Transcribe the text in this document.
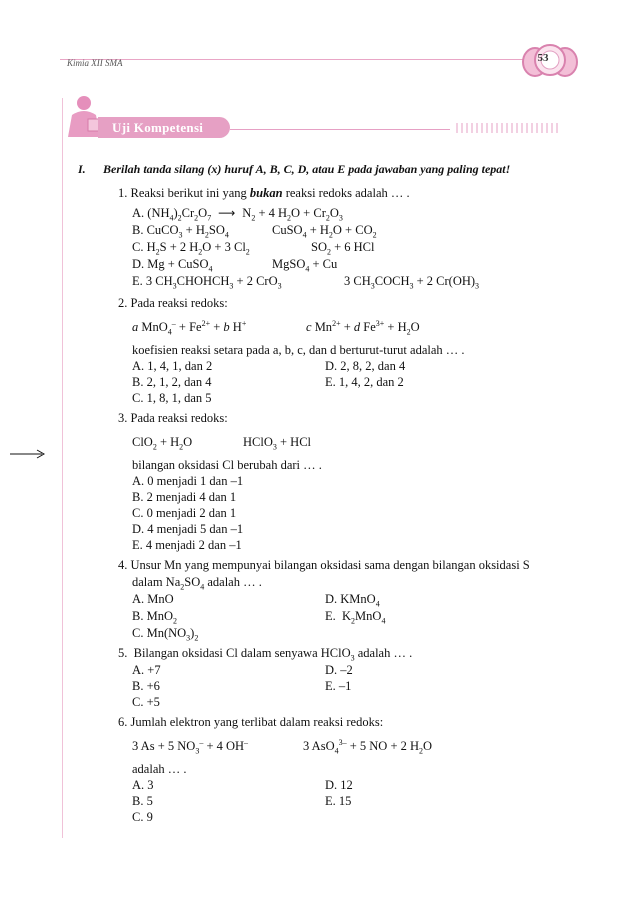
Kimia XII SMA	53
Uji Kompetensi
I. Berilah tanda silang (x) huruf A, B, C, D, atau E pada jawaban yang paling tepat!
1. Reaksi berikut ini yang bukan reaksi redoks adalah … .
A. $(NH_4)_2Cr_2O_7$  ⟶  $N_2 + 4$ $H_2O + Cr_2O_3$
B. CuCO$_3$ + $H_2SO_4$	CuSO$_4$ + $H_2O + CO_2$
C. $H_2S + 2$ $H_2O + 3$ $Cl_2$	$SO_2 + 6$ HCl
D. Mg + CuSO$_4$	MgSO$_4$ + Cu
E. 3 $CH_3CHOHCH_3 + 2$ CrO$_3$	3 $CH_3COCH_3 + 2$ $Cr(OH)_3$
2. Pada reaksi redoks:
a $MnO_4^- + Fe^{2+} + b$ H+	c $Mn^{2+} + d$ $Fe^{3+} + H_2O$
koefisien reaksi setara pada a, b, c, dan d berturut-turut adalah … .
A. 1, 4, 1, dan 2	D. 2, 8, 2, dan 4
B. 2, 1, 2, dan 4	E. 1, 4, 2, dan 2
C. 1, 8, 1, dan 5
3. Pada reaksi redoks:
$ClO_2 + H_2O$	HClO$_3$ + HCl
bilangan oksidasi Cl berubah dari … .
A. 0 menjadi 1 dan –1
B. 2 menjadi 4 dan 1
C. 0 menjadi 2 dan 1
D. 4 menjadi 5 dan –1
E. 4 menjadi 2 dan –1
4. Unsur Mn yang mempunyai bilangan oksidasi sama dengan bilangan oksidasi S
dalam $Na_2SO_4$ adalah … .
A. MnO	D. KMnO$_4$
B. MnO$_2$	E.  $K_2MnO_4$
C. $Mn(NO_3)_2$
5.  Bilangan oksidasi Cl dalam senyawa HClO$_3$ adalah … .
A. +7	D. –2
B. +6	E. –1
C. +5
6. Jumlah elektron yang terlibat dalam reaksi redoks:
3 As + 5 $NO_3^- + 4$ OH–	3 AsO$_4^{3-}$ + 5 NO + 2 $H_2O$
adalah … .
A. 3	D. 12
B. 5	E. 15
C. 9
